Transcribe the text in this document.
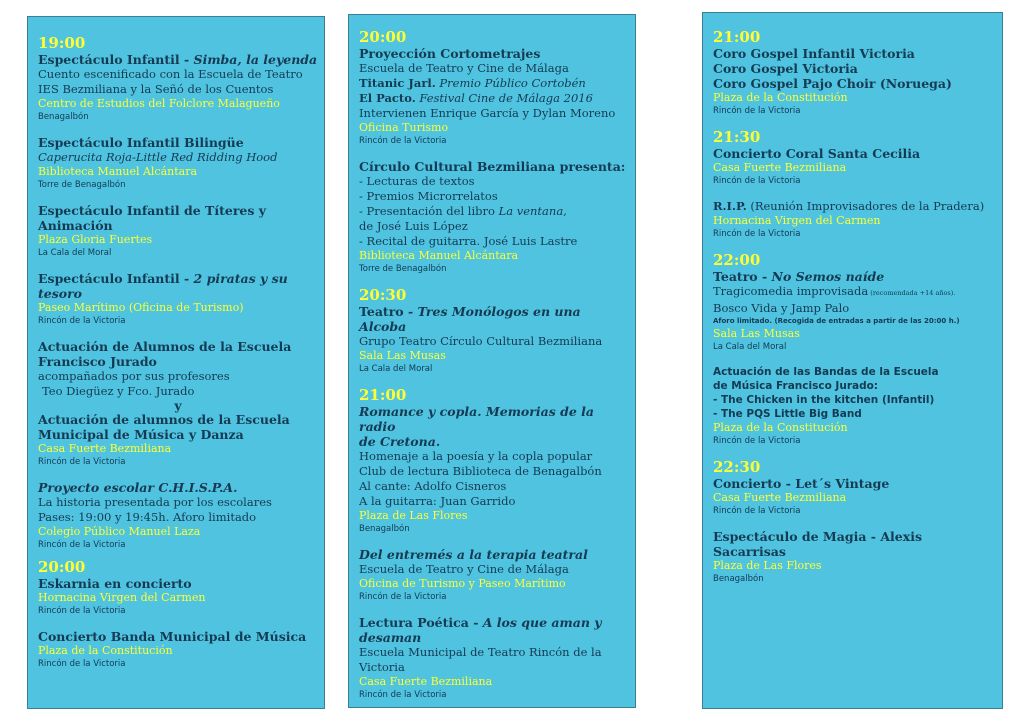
19:00
Espectáculo Infantil - Simba, la leyenda
Cuento escenificado con la Escuela de Teatro
IES Bezmiliana y la Señó de los Cuentos
Centro de Estudios del Folclore Malagueño
Benagalbón
Espectáculo Infantil Bilingüe
Caperucita Roja-Little Red Ridding Hood
Biblioteca Manuel Alcántara
Torre de Benagalbón
Espectáculo Infantil de Títeres y Animación
Plaza Gloria Fuertes
La Cala del Moral
Espectáculo Infantil - 2 piratas y su tesoro
Paseo Marítimo (Oficina de Turismo)
Rincón de la Victoria
Actuación de Alumnos de la Escuela
Francisco Jurado
acompañados por sus profesores
Teo Diegüez y Fco. Jurado
y
Actuación de alumnos de la Escuela
Municipal de Música y Danza
Casa Fuerte Bezmiliana
Rincón de la Victoria
Proyecto escolar C.H.I.S.P.A.
La historia presentada por los escolares
Pases: 19:00 y 19:45h. Aforo limitado
Colegio Público Manuel Laza
Rincón de la Victoria
20:00
Eskarnia en concierto
Hornacina Virgen del Carmen
Rincón de la Victoria
Concierto Banda Municipal de Música
Plaza de la Constitución
Rincón de la Victoria
20:00
Proyección Cortometrajes
Escuela de Teatro y Cine de Málaga
Titanic Jarl. Premio Público Cortobén
El Pacto. Festival Cine de Málaga 2016
Intervienen Enrique García y Dylan Moreno
Oficina Turismo
Rincón de la Victoria
Círculo Cultural Bezmiliana presenta:
- Lecturas de textos
- Premios Microrrelatos
- Presentación del libro La ventana,
de José Luis López
- Recital de guitarra. José Luis Lastre
Biblioteca Manuel Alcántara
Torre de Benagalbón
20:30
Teatro - Tres Monólogos en una Alcoba
Grupo Teatro Círculo Cultural Bezmiliana
Sala Las Musas
La Cala del Moral
21:00
Romance y copla. Memorias de la radio
de Cretona.
Homenaje a la poesía y la copla popular
Club de lectura Biblioteca de Benagalbón
Al cante: Adolfo Cisneros
A la guitarra: Juan Garrido
Plaza de Las Flores
Benagalbón
Del entremés a la terapia teatral
Escuela de Teatro y Cine de Málaga
Oficina de Turismo y Paseo Marítimo
Rincón de la Victoria
Lectura Poética - A los que aman y desaman
Escuela Municipal de Teatro Rincón de la Victoria
Casa Fuerte Bezmiliana
Rincón de la Victoria
21:00
Coro Gospel Infantil Victoria
Coro Gospel Victoria
Coro Gospel Pajo Choir (Noruega)
Plaza de la Constitución
Rincón de la Victoria
21:30
Concierto Coral Santa Cecilia
Casa Fuerte Bezmiliana
Rincón de la Victoria
R.I.P. (Reunión Improvisadores de la Pradera)
Hornacina Virgen del Carmen
Rincón de la Victoria
22:00
Teatro - No Semos naíde
Tragicomedia improvisada (recomendada +14 años).
Bosco Vida y Jamp Palo
Aforo limitado. (Recogida de entradas a partir de las 20:00 h.)
Sala Las Musas
La Cala del Moral
Actuación de las Bandas de la Escuela
de Música Francisco Jurado:
- The Chicken in the kitchen (Infantil)
- The PQS Little Big Band
Plaza de la Constitución
Rincón de la Victoria
22:30
Concierto - Let´s Vintage
Casa Fuerte Bezmiliana
Rincón de la Victoria
Espectáculo de Magia - Alexis Sacarrisas
Plaza de Las Flores
Benagalbón
